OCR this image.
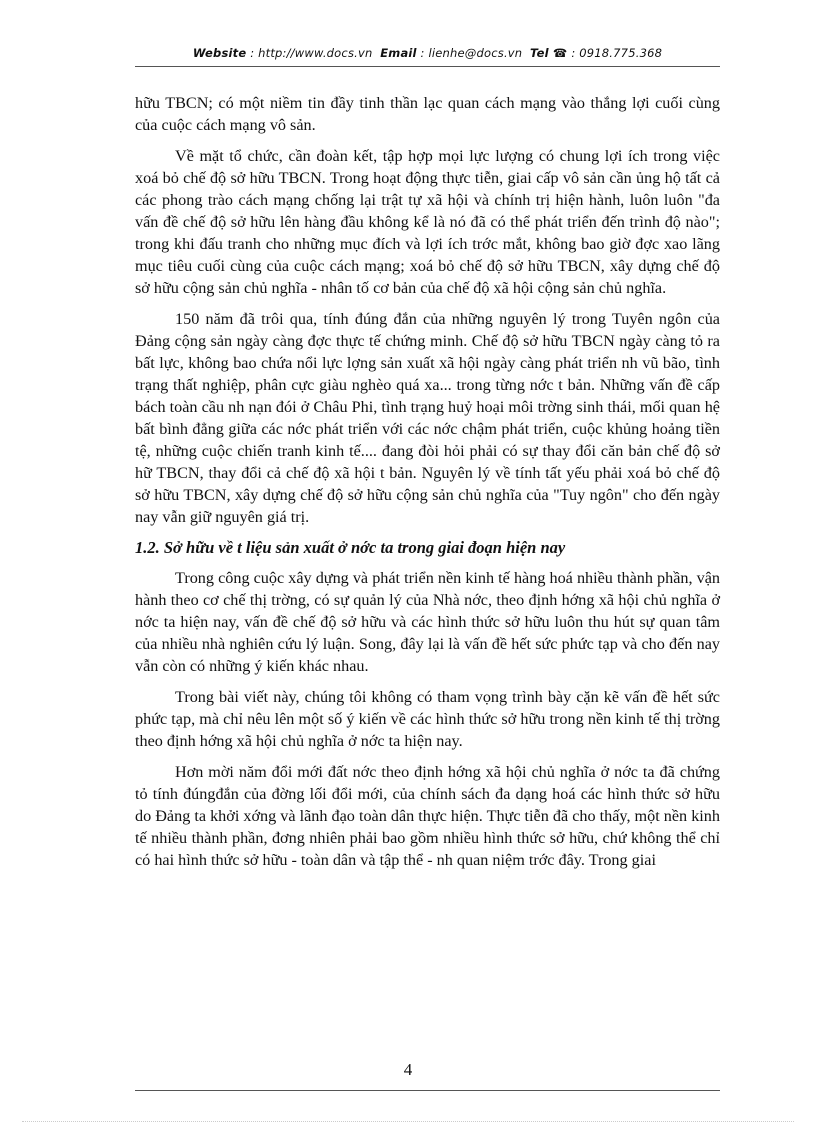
Website : http://www.docs.vn Email : lienhe@docs.vn Tel ☎ : 0918.775.368

hữu TBCN; có một niềm tin đầy tinh thần lạc quan cách mạng vào thắng lợi cuối cùng của cuộc cách mạng vô sản.

Về mặt tổ chức, cần đoàn kết, tập hợp mọi lực lượng có chung lợi ích trong việc xoá bỏ chế độ sở hữu TBCN. Trong hoạt động thực tiễn, giai cấp vô sản cần ủng hộ tất cả các phong trào cách mạng chống lại trật tự xã hội và chính trị hiện hành, luôn luôn "đa vấn đề chế độ sở hữu lên hàng đầu không kể là nó đã có thể phát triển đến trình độ nào"; trong khi đấu tranh cho những mục đích và lợi ích trớc mắt, không bao giờ đợc xao lãng mục tiêu cuối cùng của cuộc cách mạng; xoá bỏ chế độ sở hữu TBCN, xây dựng chế độ sở hữu cộng sản chủ nghĩa - nhân tố cơ bản của chế độ xã hội cộng sản chủ nghĩa.

150 năm đã trôi qua, tính đúng đắn của những nguyên lý trong Tuyên ngôn của Đảng cộng sản ngày càng đợc thực tế chứng minh. Chế độ sở hữu TBCN ngày càng tỏ ra bất lực, không bao chứa nổi lực lợng sản xuất xã hội ngày càng phát triển nh vũ bão, tình trạng thất nghiệp, phân cực giàu nghèo quá xa... trong từng nớc t bản. Những vấn đề cấp bách toàn cầu nh nạn đói ở Châu Phi, tình trạng huỷ hoại môi trờng sinh thái, mối quan hệ bất bình đẳng giữa các nớc phát triển với các nớc chậm phát triển, cuộc khủng hoảng tiền tệ, những cuộc chiến tranh kinh tế.... đang đòi hỏi phải có sự thay đổi căn bản chế độ sở hữ TBCN, thay đổi cả chế độ xã hội t bản. Nguyên lý về tính tất yếu phải xoá bỏ chế độ sở hữu TBCN, xây dựng chế độ sở hữu cộng sản chủ nghĩa của "Tuy ngôn" cho đến ngày nay vẫn giữ nguyên giá trị.

1.2. Sở hữu về t liệu sản xuất ở nớc ta trong giai đoạn hiện nay

Trong công cuộc xây dựng và phát triển nền kinh tế hàng hoá nhiều thành phần, vận hành theo cơ chế thị trờng, có sự quản lý của Nhà nớc, theo định hớng xã hội chủ nghĩa ở nớc ta hiện nay, vấn đề chế độ sở hữu và các hình thức sở hữu luôn thu hút sự quan tâm của nhiều nhà nghiên cứu lý luận. Song, đây lại là vấn đề hết sức phức tạp và cho đến nay vẫn còn có những ý kiến khác nhau.

Trong bài viết này, chúng tôi không có tham vọng trình bày cặn kẽ vấn đề hết sức phức tạp, mà chỉ nêu lên một số ý kiến về các hình thức sở hữu trong nền kinh tế thị trờng theo định hớng xã hội chủ nghĩa ở nớc ta hiện nay.

Hơn mời năm đổi mới đất nớc theo định hớng xã hội chủ nghĩa ở nớc ta đã chứng tỏ tính đúngđắn của đờng lối đổi mới, của chính sách đa dạng hoá các hình thức sở hữu do Đảng ta khởi xớng và lãnh đạo toàn dân thực hiện. Thực tiễn đã cho thấy, một nền kinh tế nhiều thành phần, đơng nhiên phải bao gồm nhiều hình thức sở hữu, chứ không thể chỉ có hai hình thức sở hữu - toàn dân và tập thể - nh quan niệm trớc đây. Trong giai

4
